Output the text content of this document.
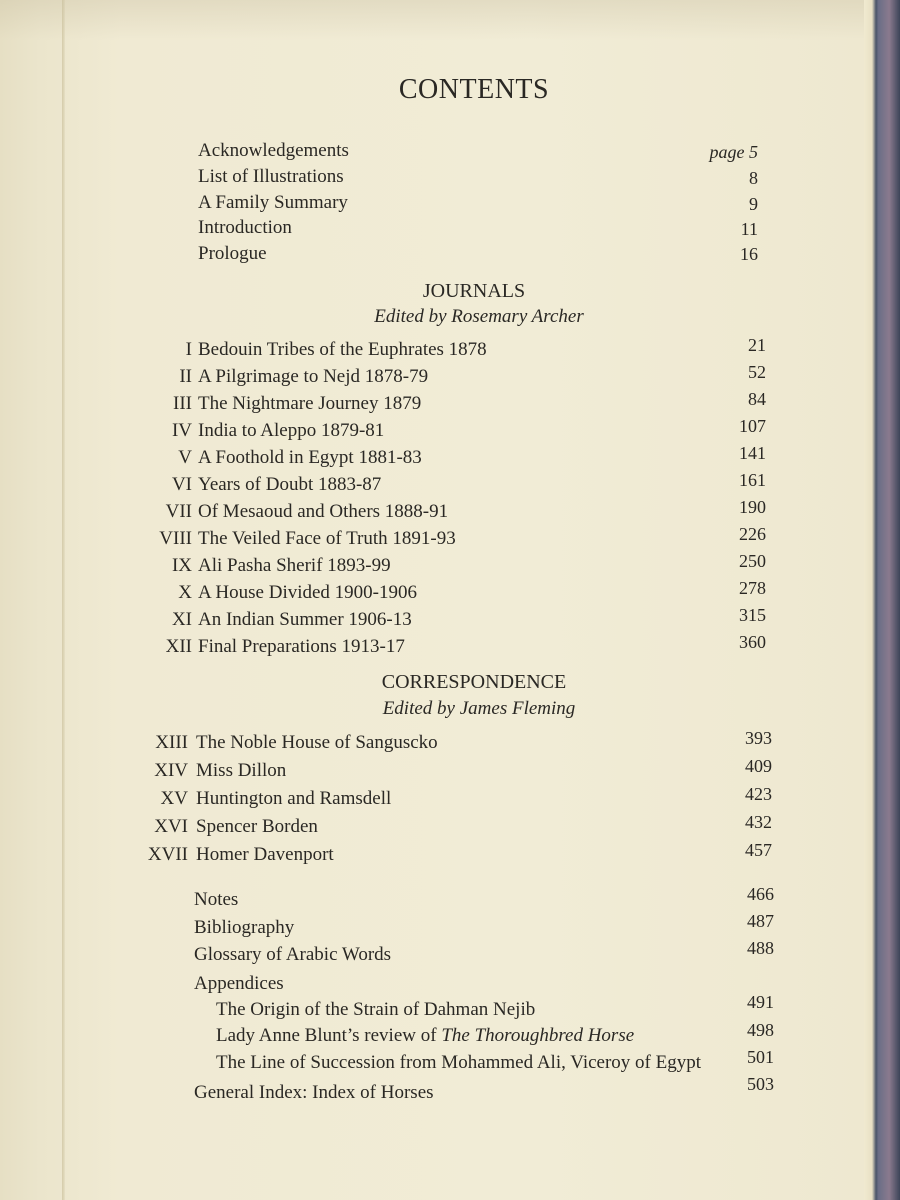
CONTENTS
Acknowledgements	page 5
List of Illustrations	8
A Family Summary	9
Introduction	11
Prologue	16
JOURNALS
Edited by Rosemary Archer
I Bedouin Tribes of the Euphrates 1878	21
II A Pilgrimage to Nejd 1878-79	52
III The Nightmare Journey 1879	84
IV India to Aleppo 1879-81	107
V A Foothold in Egypt 1881-83	141
VI Years of Doubt 1883-87	161
VII Of Mesaoud and Others 1888-91	190
VIII The Veiled Face of Truth 1891-93	226
IX Ali Pasha Sherif 1893-99	250
X A House Divided 1900-1906	278
XI An Indian Summer 1906-13	315
XII Final Preparations 1913-17	360
CORRESPONDENCE
Edited by James Fleming
XIII The Noble House of Sanguscko	393
XIV Miss Dillon	409
XV Huntington and Ramsdell	423
XVI Spencer Borden	432
XVII Homer Davenport	457
Notes	466
Bibliography	487
Glossary of Arabic Words	488
Appendices
The Origin of the Strain of Dahman Nejib	491
Lady Anne Blunt’s review of The Thoroughbred Horse	498
The Line of Succession from Mohammed Ali, Viceroy of Egypt	501
General Index: Index of Horses	503
